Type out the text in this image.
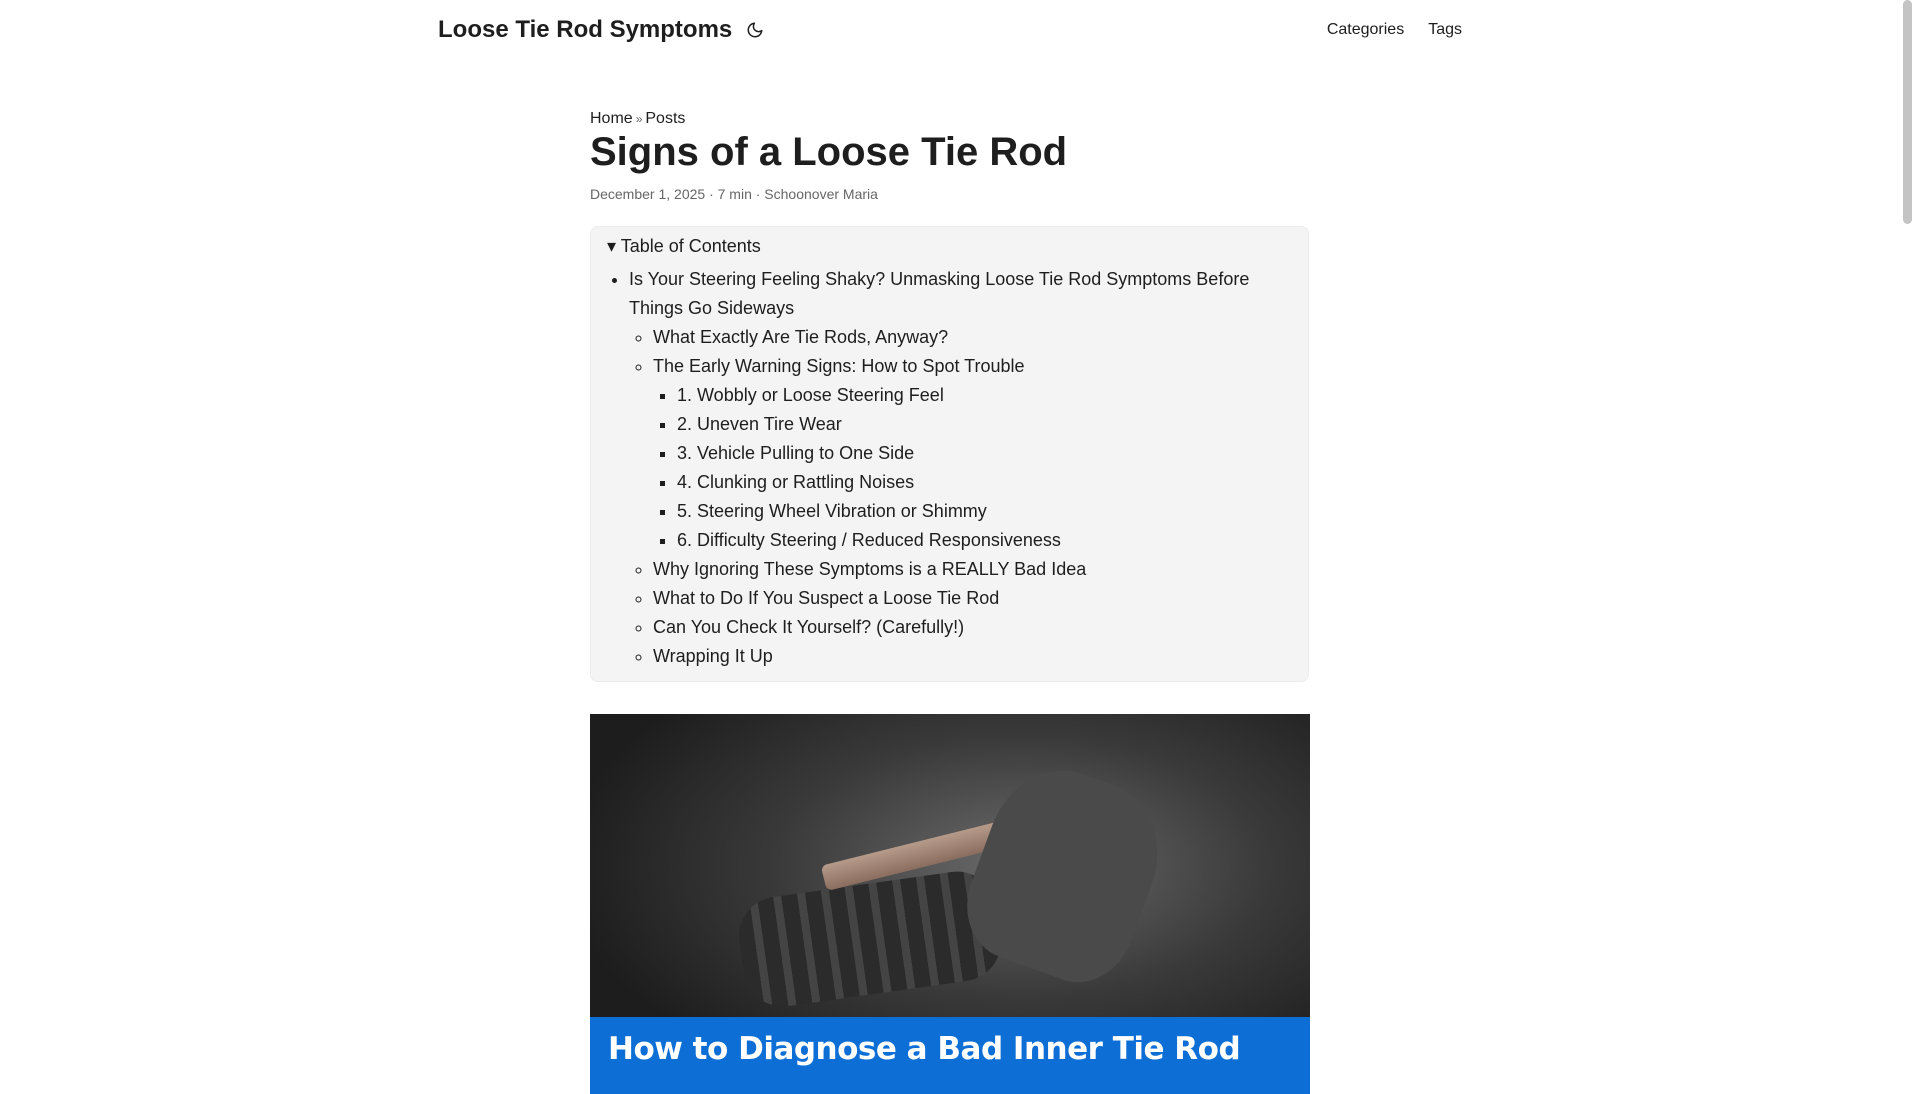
Loose Tie Rod Symptoms	Categories Tags
Home » Posts
Signs of a Loose Tie Rod
December 1, 2025 · 7 min · Schoonover Maria
▾ Table of Contents
• Is Your Steering Feeling Shaky? Unmasking Loose Tie Rod Symptoms Before Things Go Sideways
◦ What Exactly Are Tie Rods, Anyway?
◦ The Early Warning Signs: How to Spot Trouble
▪ 1. Wobbly or Loose Steering Feel
▪ 2. Uneven Tire Wear
▪ 3. Vehicle Pulling to One Side
▪ 4. Clunking or Rattling Noises
▪ 5. Steering Wheel Vibration or Shimmy
▪ 6. Difficulty Steering / Reduced Responsiveness
◦ Why Ignoring These Symptoms is a REALLY Bad Idea
◦ What to Do If You Suspect a Loose Tie Rod
◦ Can You Check It Yourself? (Carefully!)
◦ Wrapping It Up
How to Diagnose a Bad Inner Tie Rod
